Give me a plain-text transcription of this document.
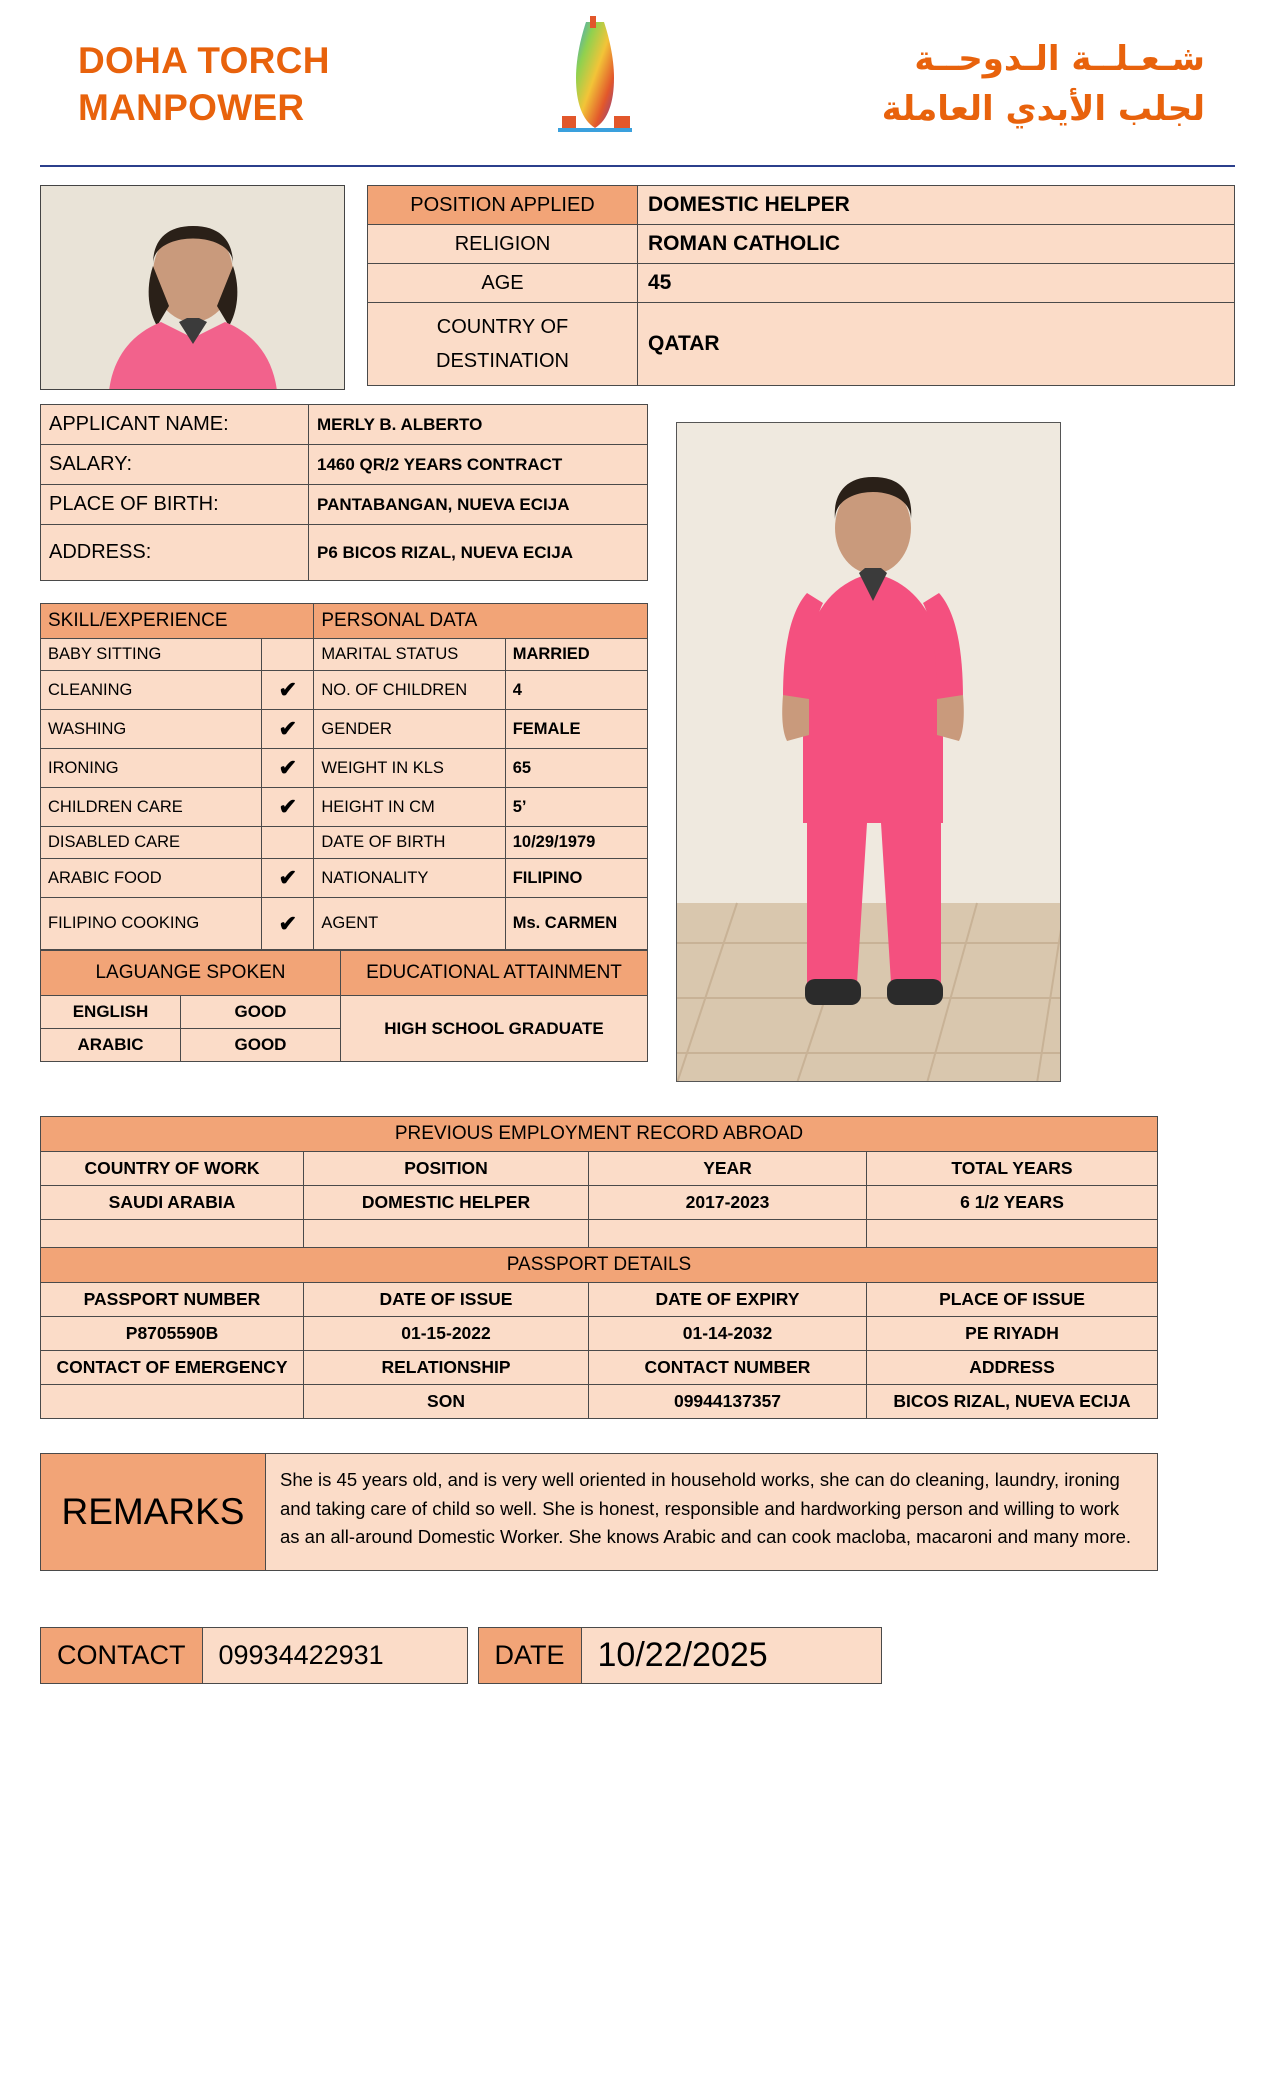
DOHA TORCH
MANPOWER
شـعـلــة الـدوحــة
لجلب الأيدي العاملة
POSITION APPLIED	DOMESTIC HELPER
RELIGION	ROMAN CATHOLIC
AGE	45
COUNTRY OF DESTINATION	QATAR
APPLICANT NAME:	MERLY B. ALBERTO
SALARY:	1460 QR/2 YEARS CONTRACT
PLACE OF BIRTH:	PANTABANGAN, NUEVA ECIJA
ADDRESS:	P6 BICOS RIZAL, NUEVA ECIJA
SKILL/EXPERIENCE		PERSONAL DATA	
BABY SITTING		MARITAL STATUS	MARRIED
CLEANING	✔	NO. OF CHILDREN	4
WASHING	✔	GENDER	FEMALE
IRONING	✔	WEIGHT IN KLS	65
CHILDREN CARE	✔	HEIGHT IN CM	5’
DISABLED CARE		DATE OF BIRTH	10/29/1979
ARABIC FOOD	✔	NATIONALITY	FILIPINO
FILIPINO COOKING	✔	AGENT	Ms. CARMEN
LAGUANGE SPOKEN		EDUCATIONAL ATTAINMENT
ENGLISH	GOOD	HIGH SCHOOL GRADUATE
ARABIC	GOOD	
PREVIOUS EMPLOYMENT RECORD ABROAD			
COUNTRY OF WORK	POSITION	YEAR	TOTAL YEARS
SAUDI ARABIA	DOMESTIC HELPER	2017-2023	6 1/2 YEARS

PASSPORT DETAILS			
PASSPORT NUMBER	DATE OF ISSUE	DATE OF EXPIRY	PLACE OF ISSUE
P8705590B	01-15-2022	01-14-2032	PE RIYADH
CONTACT OF EMERGENCY	RELATIONSHIP	CONTACT NUMBER	ADDRESS
	SON	09944137357	BICOS RIZAL, NUEVA ECIJA
REMARKS
She is 45 years old, and is very well oriented in household works, she can do cleaning, laundry, ironing and taking care of child so well. She is honest, responsible and hardworking person and willing to work as an all-around Domestic Worker. She knows Arabic and can cook macloba, macaroni and many more.
CONTACT	09934422931	DATE 10/22/2025
